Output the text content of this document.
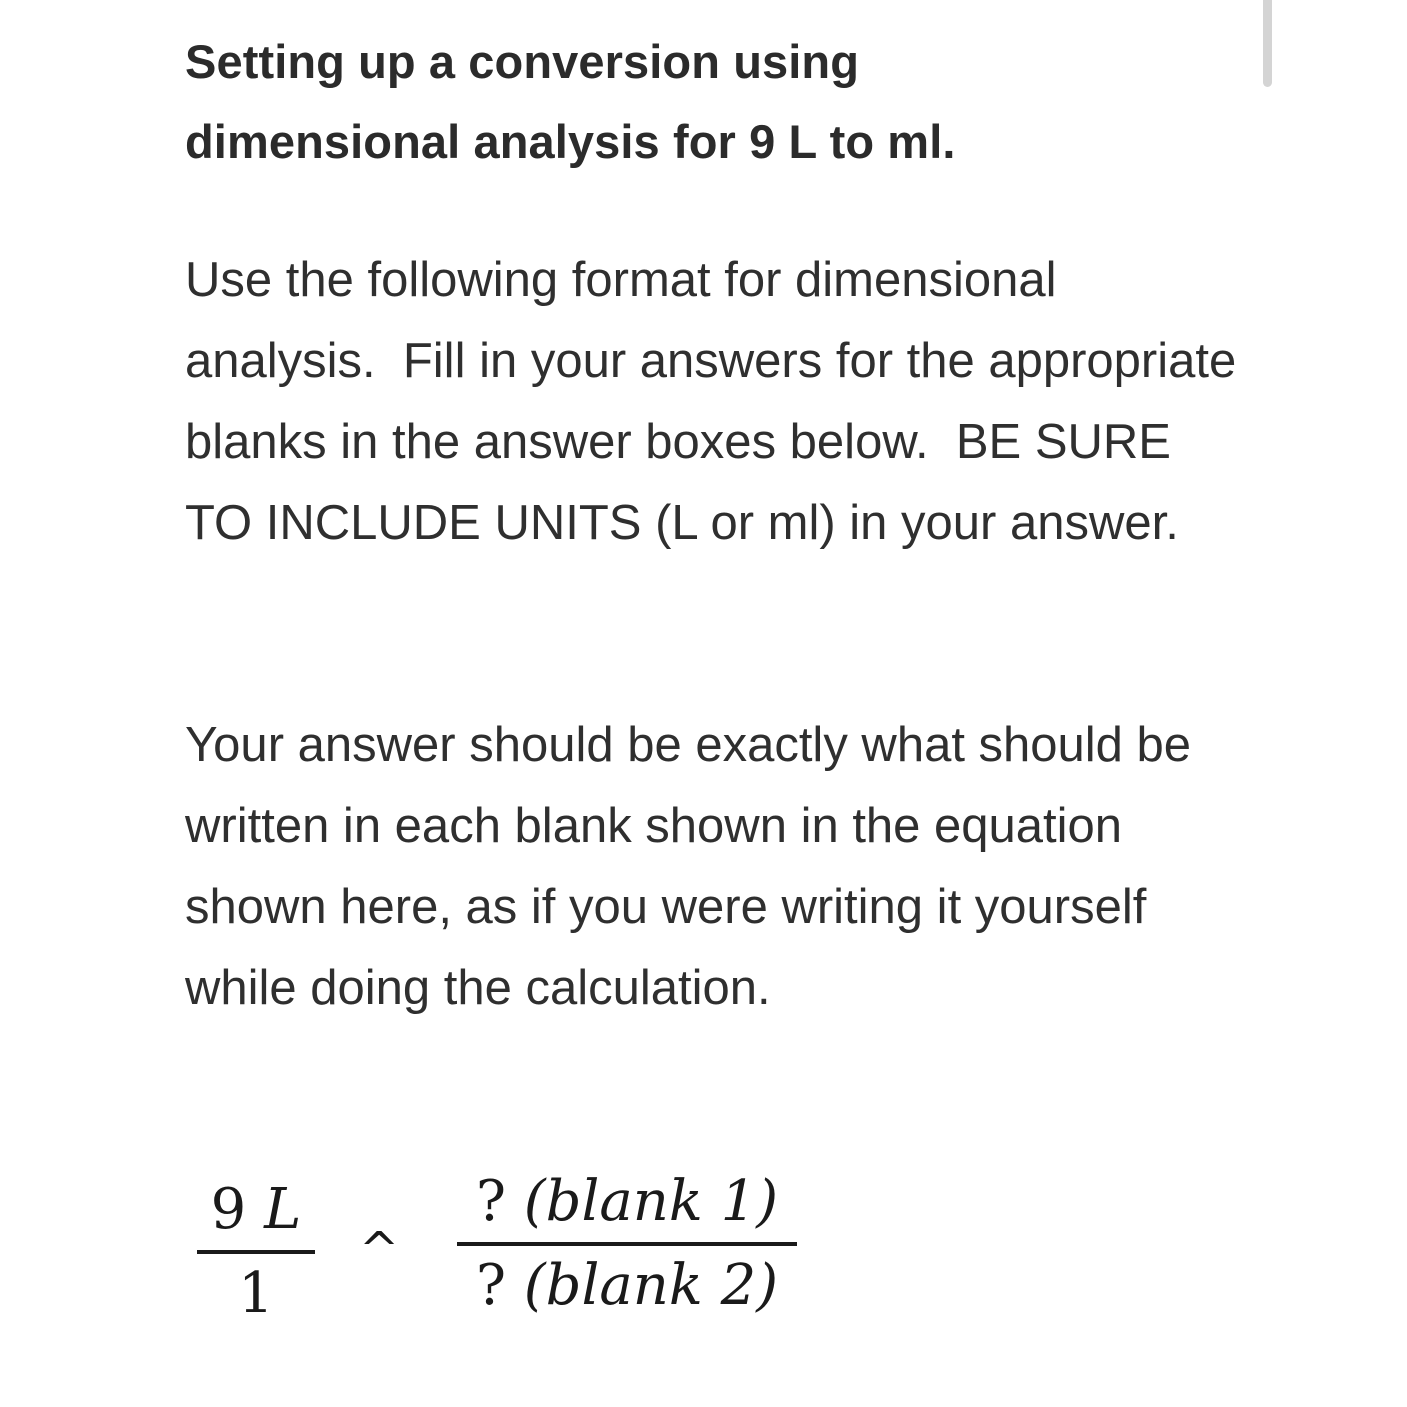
Setting up a conversion using
dimensional analysis for 9 L to ml.

Use the following format for dimensional analysis.  Fill in your answers for the appropriate blanks in the answer boxes below.  BE SURE TO INCLUDE UNITS (L or ml) in your answer.

Your answer should be exactly what should be written in each blank shown in the equation shown here, as if you were writing it yourself while doing the calculation.

9 L
1
^
? (blank 1)
? (blank 2)
